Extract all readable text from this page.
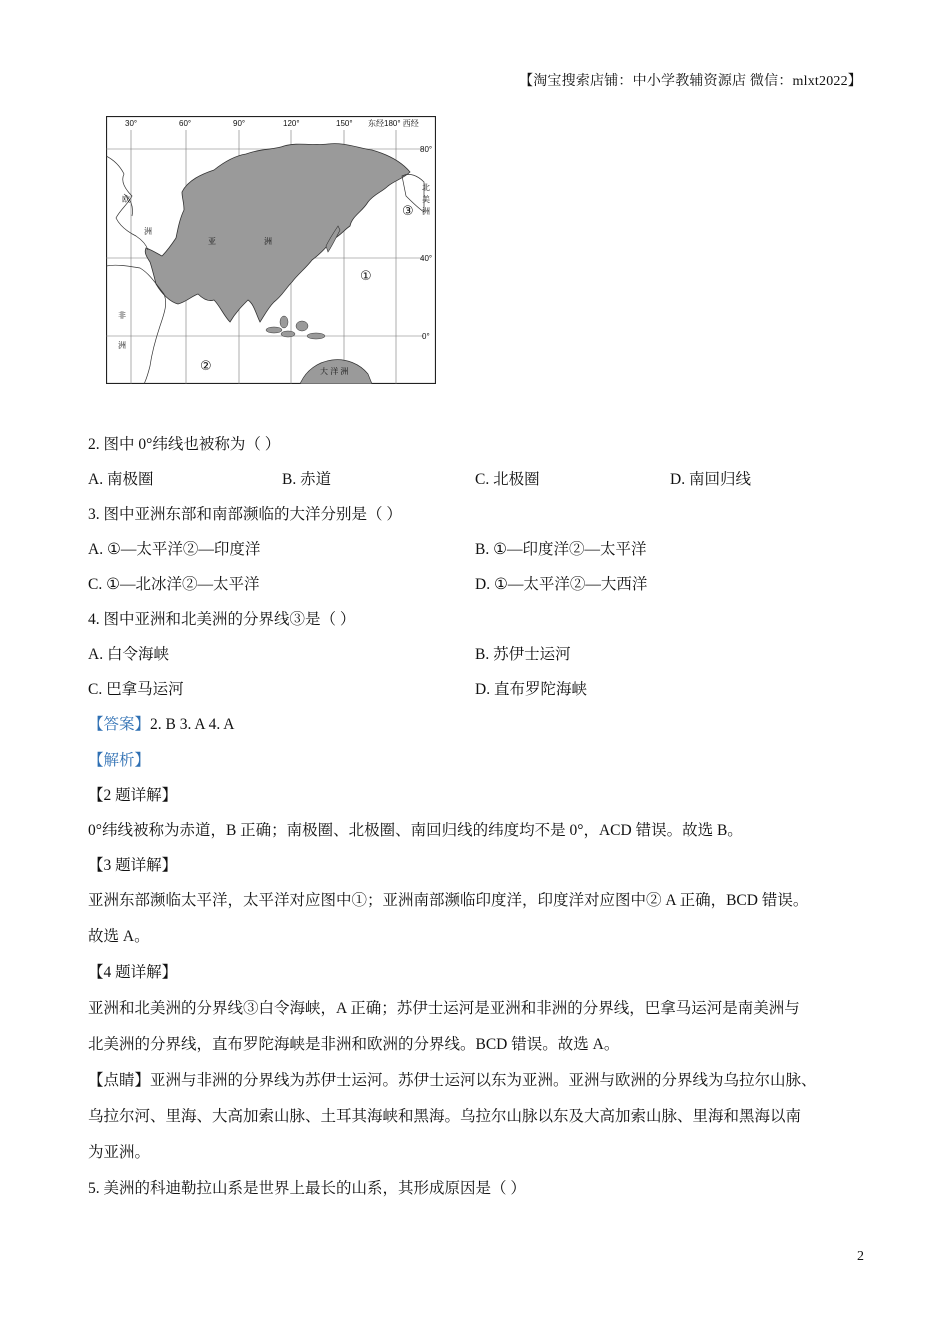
【淘宝搜索店铺：中小学教辅资源店 微信：mlxt2022】
30°	60°	90°	120°	150° 东经180° 西经
80°
40°
0°
欧
洲
亚	洲
非
洲
大 洋 洲
北
美
洲
①
②
③
2. 图中 0°纬线也被称为（ ）
A. 南极圈	B. 赤道	C. 北极圈	D. 南回归线
3. 图中亚洲东部和南部濒临的大洋分别是（ ）
A. ①—太平洋②—印度洋	B. ①—印度洋②—太平洋
C. ①—北冰洋②—太平洋	D. ①—太平洋②—大西洋
4. 图中亚洲和北美洲的分界线③是（ ）
A. 白令海峡	B. 苏伊士运河
C. 巴拿马运河	D. 直布罗陀海峡
【答案】2. B 3. A 4. A
【解析】
【2 题详解】
0°纬线被称为赤道，B 正确；南极圈、北极圈、南回归线的纬度均不是 0°，ACD 错误。故选 B。
【3 题详解】
亚洲东部濒临太平洋，太平洋对应图中①；亚洲南部濒临印度洋，印度洋对应图中② A 正确，BCD 错误。
故选 A。
【4 题详解】
亚洲和北美洲的分界线③白令海峡，A 正确；苏伊士运河是亚洲和非洲的分界线，巴拿马运河是南美洲与
北美洲的分界线，直布罗陀海峡是非洲和欧洲的分界线。BCD 错误。故选 A。
【点睛】亚洲与非洲的分界线为苏伊士运河。苏伊士运河以东为亚洲。亚洲与欧洲的分界线为乌拉尔山脉、
乌拉尔河、里海、大高加索山脉、土耳其海峡和黑海。乌拉尔山脉以东及大高加索山脉、里海和黑海以南
为亚洲。
5. 美洲的科迪勒拉山系是世界上最长的山系，其形成原因是（ ）
2
